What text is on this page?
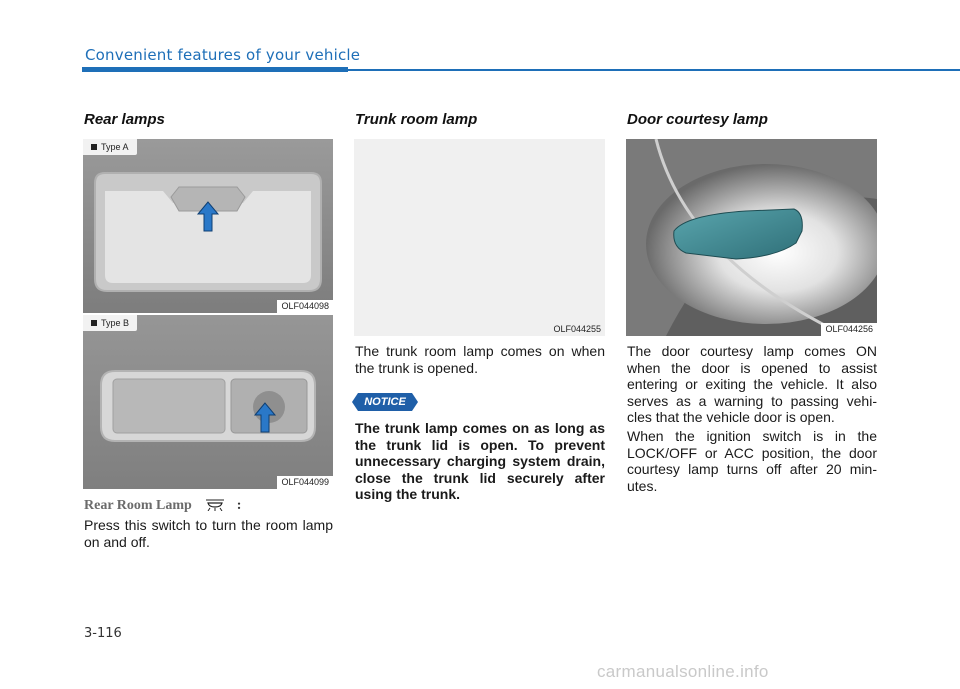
Convenient features of your vehicle
Rear lamps
Type A
OLF044098
Type B
OLF044099
Rear Room Lamp	:

Press this switch to turn the room lamp on and off.

Trunk room lamp
OLF044255

The trunk room lamp comes on when the trunk is opened.

NOTICE

The trunk lamp comes on as long as the trunk lid is open. To prevent unnecessary charging system drain, close the trunk lid securely after using the trunk.

Door courtesy lamp
OLF044256

The door courtesy lamp comes ON when the door is opened to assist entering or exiting the vehicle. It also serves as a warning to passing vehi-cles that the vehicle door is open.

When the ignition switch is in the LOCK/OFF or ACC position, the door courtesy lamp turns off after 20 min-utes.

3-116
carmanualsonline.info
